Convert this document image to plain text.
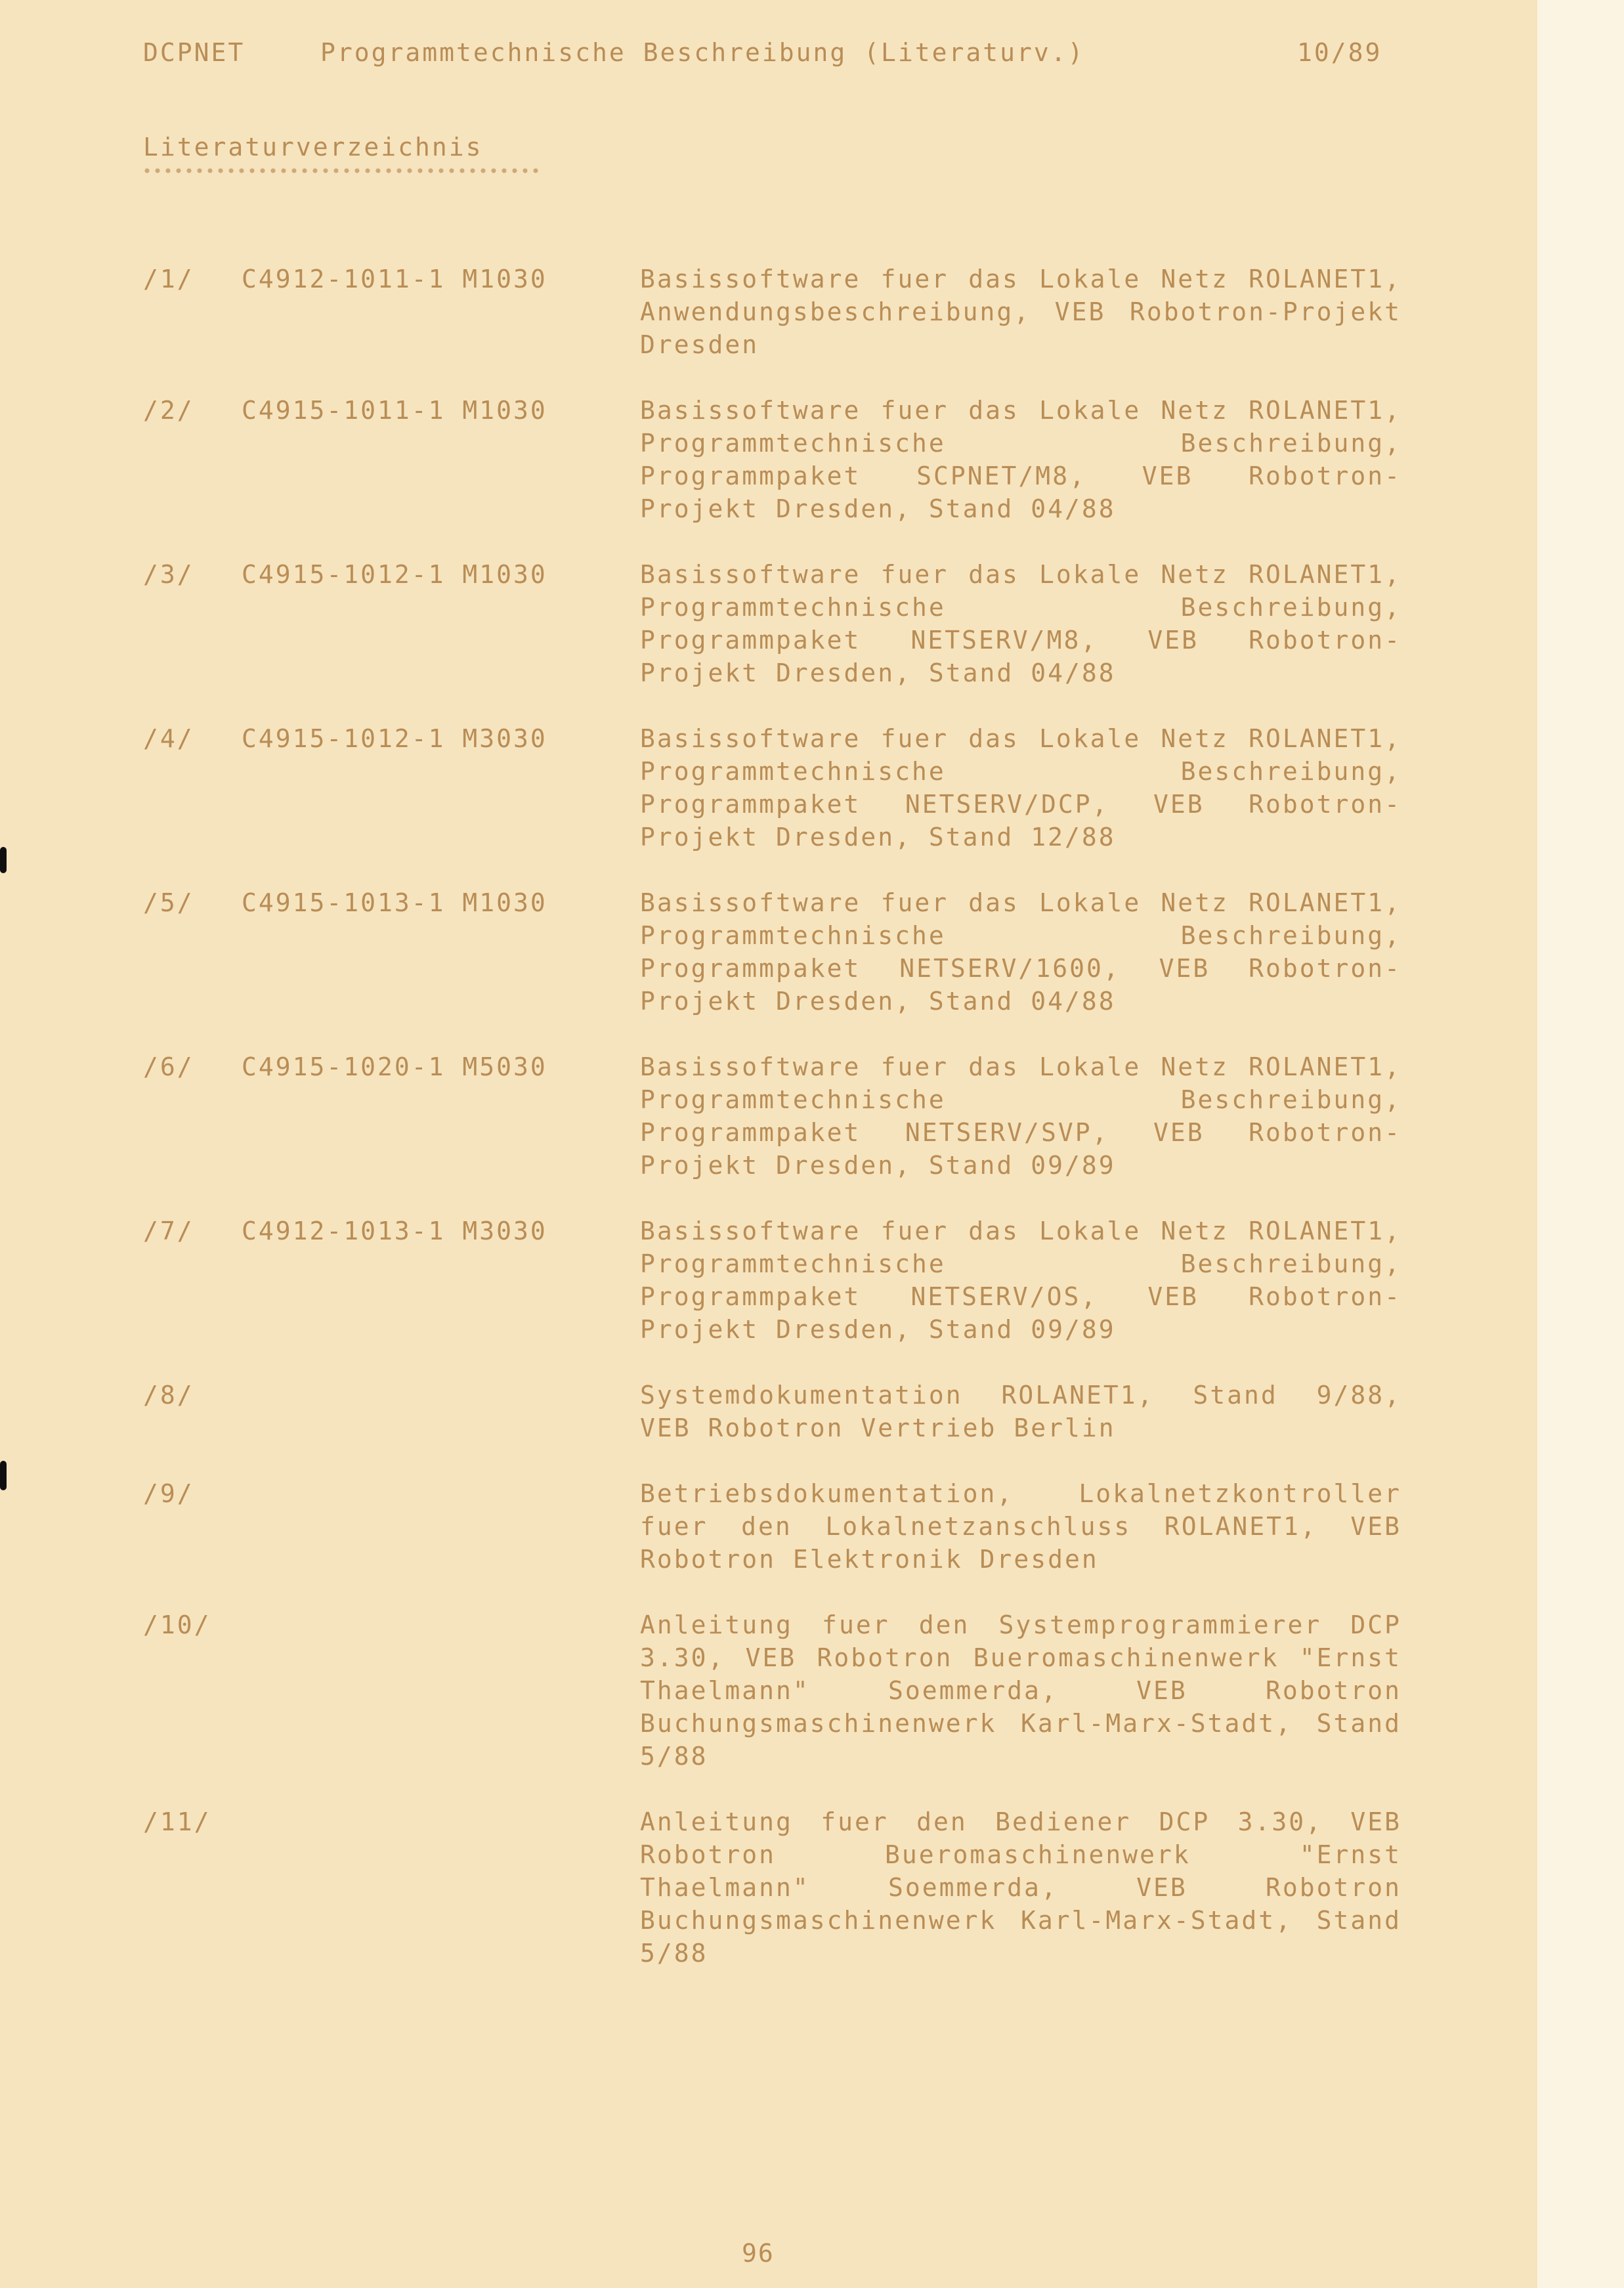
DCPNET

	Programmtechnische Beschreibung (Literaturv.)

	10/89

Literaturverzeichnis
/1/ C4912-1011-1 M1030	Basissoftware fuer das Lokale Netz ROLANET1, Anwendungsbeschreibung, VEB Robotron-Projekt Dresden
/2/ C4915-1011-1 M1030	Basissoftware fuer das Lokale Netz ROLANET1, Programmtechnische Beschreibung, Programmpaket SCPNET/M8, VEB Robotron-Projekt Dresden, Stand 04/88
/3/ C4915-1012-1 M1030	Basissoftware fuer das Lokale Netz ROLANET1, Programmtechnische Beschreibung, Programmpaket NETSERV/M8, VEB Robotron-Projekt Dresden, Stand 04/88
/4/ C4915-1012-1 M3030	Basissoftware fuer das Lokale Netz ROLANET1, Programmtechnische Beschreibung, Programmpaket NETSERV/DCP, VEB Robotron-Projekt Dresden, Stand 12/88
/5/ C4915-1013-1 M1030	Basissoftware fuer das Lokale Netz ROLANET1, Programmtechnische Beschreibung, Programmpaket NETSERV/1600, VEB Robotron-Projekt Dresden, Stand 04/88
/6/ C4915-1020-1 M5030	Basissoftware fuer das Lokale Netz ROLANET1, Programmtechnische Beschreibung, Programmpaket NETSERV/SVP, VEB Robotron-Projekt Dresden, Stand 09/89
/7/ C4912-1013-1 M3030	Basissoftware fuer das Lokale Netz ROLANET1, Programmtechnische Beschreibung, Programmpaket NETSERV/OS, VEB Robotron-Projekt Dresden, Stand 09/89
/8/	Systemdokumentation ROLANET1, Stand 9/88, VEB Robotron Vertrieb Berlin
/9/	Betriebsdokumentation, Lokalnetzkontroller fuer den Lokalnetzanschluss ROLANET1, VEB Robotron Elektronik Dresden
/10/	Anleitung fuer den Systemprogrammierer DCP 3.30, VEB Robotron Bueromaschinenwerk "Ernst Thaelmann" Soemmerda, VEB Robotron Buchungsmaschinenwerk Karl-Marx-Stadt, Stand 5/88
/11/	Anleitung fuer den Bediener DCP 3.30, VEB Robotron Bueromaschinenwerk "Ernst Thaelmann" Soemmerda, VEB Robotron Buchungsmaschinenwerk Karl-Marx-Stadt, Stand 5/88
96
